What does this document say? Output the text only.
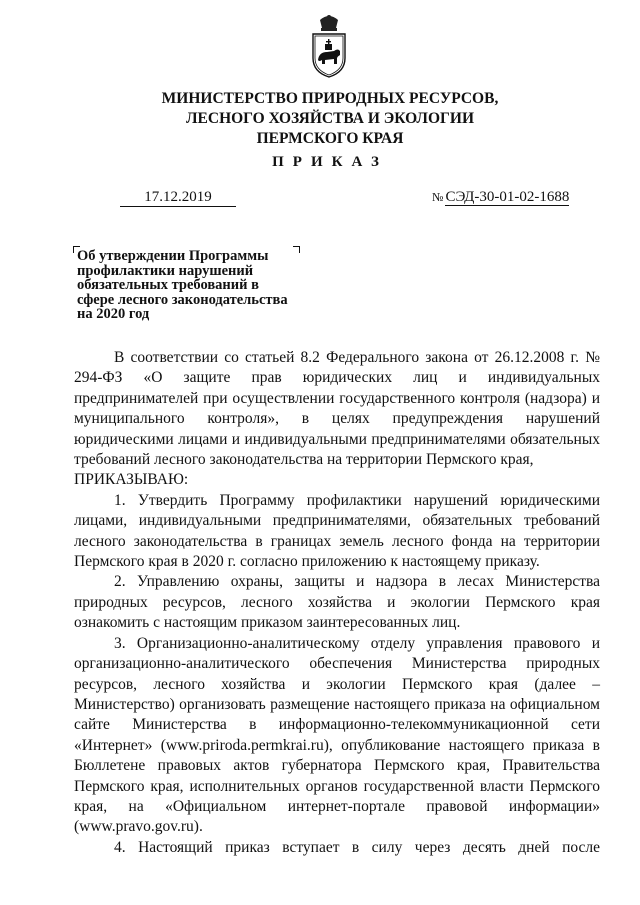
МИНИСТЕРСТВО ПРИРОДНЫХ РЕСУРСОВ,
ЛЕСНОГО ХОЗЯЙСТВА И ЭКОЛОГИИ
ПЕРМСКОГО КРАЯ
ПРИКАЗ
17.12.2019	№ СЭД-30-01-02-1688
Об утверждении Программы
профилактики нарушений
обязательных требований в
сфере лесного законодательства
на 2020 год
В соответствии со статьей 8.2 Федерального закона от 26.12.2008 г. № 294-ФЗ «О защите прав юридических лиц и индивидуальных предпринимателей при осуществлении государственного контроля (надзора) и муниципального контроля», в целях предупреждения нарушений юридическими лицами и индивидуальными предпринимателями обязательных требований лесного законодательства на территории Пермского края,
ПРИКАЗЫВАЮ:
1. Утвердить Программу профилактики нарушений юридическими лицами, индивидуальными предпринимателями, обязательных требований лесного законодательства в границах земель лесного фонда на территории Пермского края в 2020 г. согласно приложению к настоящему приказу.
2. Управлению охраны, защиты и надзора в лесах Министерства природных ресурсов, лесного хозяйства и экологии Пермского края ознакомить с настоящим приказом заинтересованных лиц.
3. Организационно-аналитическому отделу управления правового и организационно-аналитического обеспечения Министерства природных ресурсов, лесного хозяйства и экологии Пермского края (далее – Министерство) организовать размещение настоящего приказа на официальном сайте Министерства в информационно-телекоммуникационной сети «Интернет» (www.priroda.permkrai.ru), опубликование настоящего приказа в Бюллетене правовых актов губернатора Пермского края, Правительства Пермского края, исполнительных органов государственной власти Пермского края, на «Официальном интернет-портале правовой информации» (www.pravo.gov.ru).
4. Настоящий приказ вступает в силу через десять дней после
